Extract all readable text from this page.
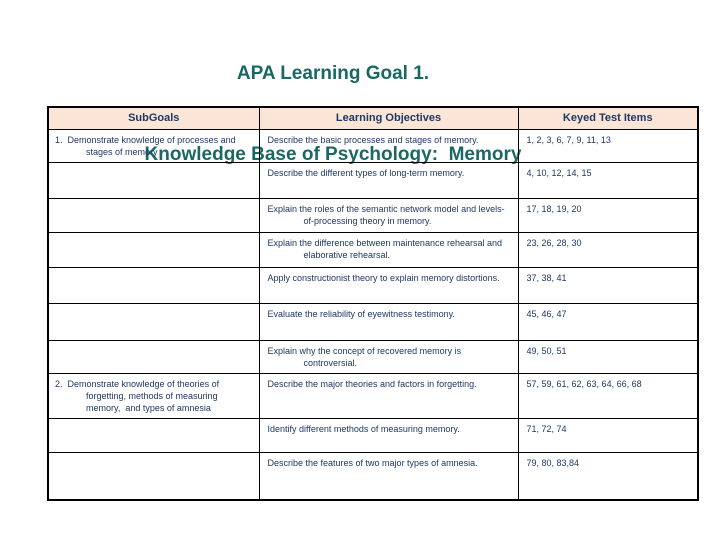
APA Learning Goal 1.

Knowledge Base of Psychology:  Memory

SubGoals	Learning Objectives	Keyed Test Items
1.  Demonstrate knowledge of processes and stages of memory	Describe the basic processes and stages of memory.	1, 2, 3, 6, 7, 9, 11, 13
	Describe the different types of long-term memory.	4, 10, 12, 14, 15
	Explain the roles of the semantic network model and levels-of-processing theory in memory.	17, 18, 19, 20
	Explain the difference between maintenance rehearsal and elaborative rehearsal.	23, 26, 28, 30
	Apply constructionist theory to explain memory distortions.	37, 38, 41
	Evaluate the reliability of eyewitness testimony.	45, 46, 47
	Explain why the concept of recovered memory is controversial.	49, 50, 51
2.  Demonstrate knowledge of theories of forgetting, methods of measuring memory,  and types of amnesia	Describe the major theories and factors in forgetting.	57, 59, 61, 62, 63, 64, 66, 68
	Identify different methods of measuring memory.	71, 72, 74
	Describe the features of two major types of amnesia.	79, 80, 83,84
